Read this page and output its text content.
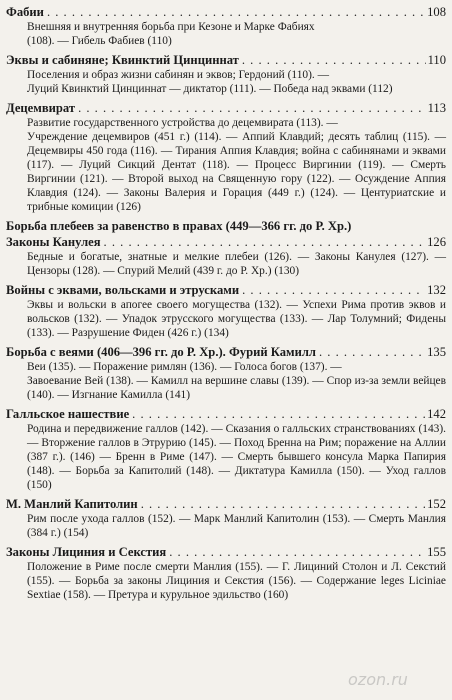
Фабии . . .	108
Внешняя и внутренняя борьба при Кезоне и Марке Фабиях
(108). — Гибель Фабиев (110)
Эквы и сабиняне; Квинктий Цинциннат . . .	110
Поселения и образ жизни сабинян и эквов; Гердоний (110). —
Луций Квинктий Цинциннат — диктатор (111). — Победа над эквами (112)
Децемвират . . .	113
Развитие государственного устройства до децемвирата (113). —
Учреждение децемвиров (451 г.) (114). — Аппий Клавдий; десять таблиц (115). — Децемвиры 450 года (116). — Тирания Аппия Клавдия; война с сабинянами и эквами (117). — Луций Сикций Дентат (118). — Процесс Виргинии (119). — Смерть Виргинии (121). — Второй выход на Священную гору (122). — Осуждение Аппия Клавдия (124). — Законы Валерия и Горация (449 г.) (124). — Центуриатские и трибные комиции (126)
Борьба плебеев за равенство в правах (449—366 гг. до Р. Хр.)
Законы Канулея . . .	126
Бедные и богатые, знатные и мелкие плебеи (126). — Законы Канулея (127). — Цензоры (128). — Спурий Мелий (439 г. до Р. Хр.) (130)
Войны с эквами, вольсками и этрусками . . .	132
Эквы и вольски в апогее своего могущества (132). — Успехи Рима против эквов и вольсков (132). — Упадок этрусского могущества (133). — Лар Толумний; Фидены (133). — Разрушение Фиден (426 г.) (134)
Борьба с веями (406—396 гг. до Р. Хр.). Фурий Камилл . . .	135
Веи (135). — Поражение римлян (136). — Голоса богов (137). —
Завоевание Вей (138). — Камилл на вершине славы (139). — Спор из-за земли вейцев (140). — Изгнание Камилла (141)
Галльское нашествие . . .	142
Родина и передвижение галлов (142). — Сказания о галльских странствованиях (143). — Вторжение галлов в Этрурию (145). — Поход Бренна на Рим; поражение на Аллии (387 г.). (146) — Бренн в Риме (147). — Смерть бывшего консула Марка Папирия (148). — Борьба за Капитолий (148). — Диктатура Камилла (150). — Уход галлов (150)
М. Манлий Капитолин . . .	152
Рим после ухода галлов (152). — Марк Манлий Капитолин (153). — Смерть Манлия (384 г.) (154)
Законы Лициния и Секстия . . .	155
Положение в Риме после смерти Манлия (155). — Г. Лициний Столон и Л. Секстий (155). — Борьба за законы Лициния и Секстия (156). — Содержание leges Liciniae Sextiae (158). — Претура и курульное эдильство (160)
ozon.ru
